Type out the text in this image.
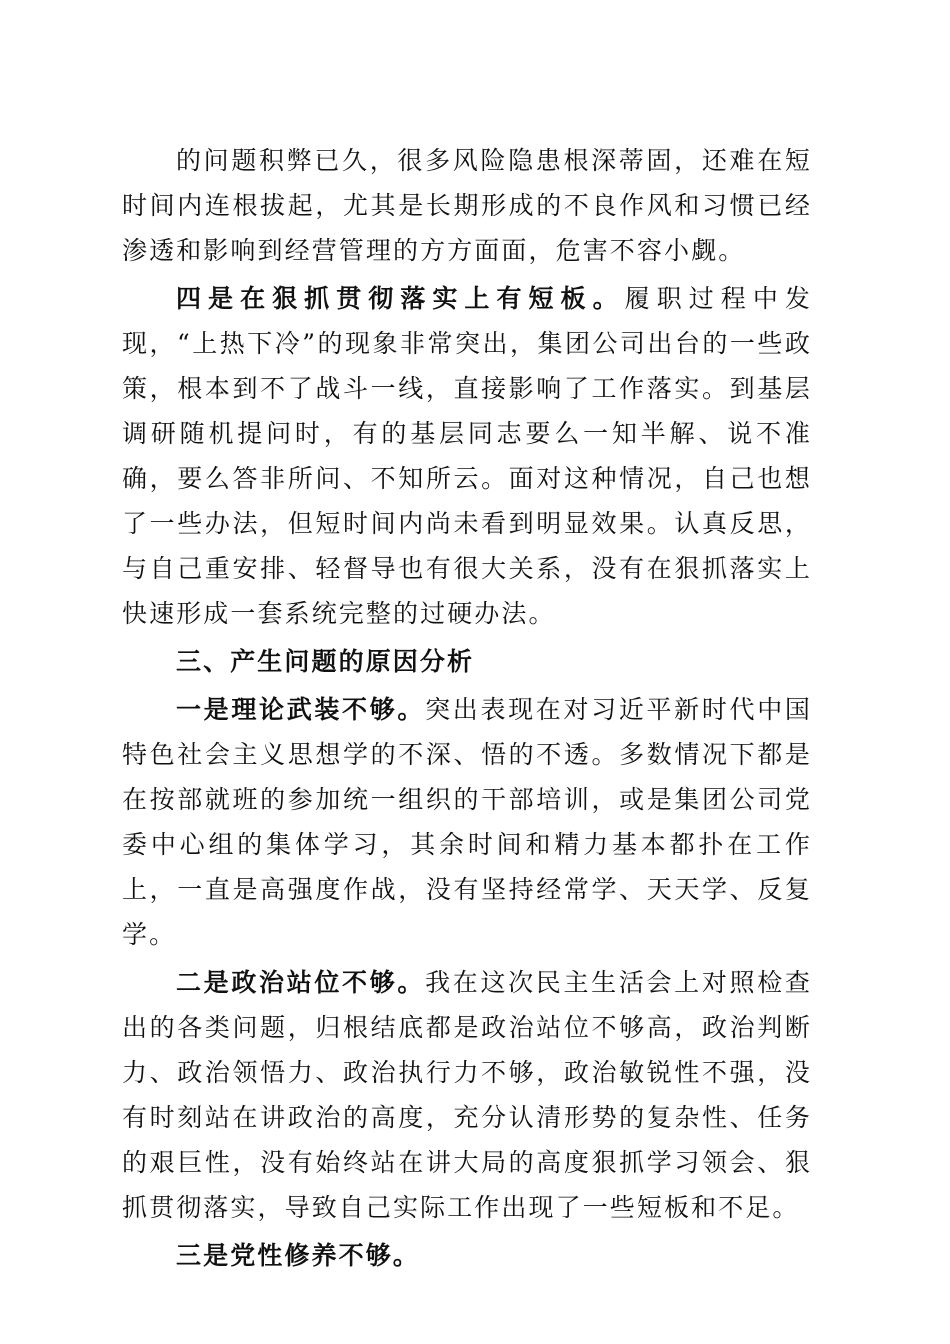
的问题积弊已久，很多风险隐患根深蒂固，还难在短时间内连根拔起，尤其是长期形成的不良作风和习惯已经渗透和影响到经营管理的方方面面，危害不容小觑。

四是在狠抓贯彻落实上有短板。履职过程中发现，“上热下冷”的现象非常突出，集团公司出台的一些政策，根本到不了战斗一线，直接影响了工作落实。到基层调研随机提问时，有的基层同志要么一知半解、说不准确，要么答非所问、不知所云。面对这种情况，自己也想了一些办法，但短时间内尚未看到明显效果。认真反思，与自己重安排、轻督导也有很大关系，没有在狠抓落实上快速形成一套系统完整的过硬办法。

三、产生问题的原因分析

一是理论武装不够。突出表现在对习近平新时代中国特色社会主义思想学的不深、悟的不透。多数情况下都是在按部就班的参加统一组织的干部培训，或是集团公司党委中心组的集体学习，其余时间和精力基本都扑在工作上，一直是高强度作战，没有坚持经常学、天天学、反复学。

二是政治站位不够。我在这次民主生活会上对照检查出的各类问题，归根结底都是政治站位不够高，政治判断力、政治领悟力、政治执行力不够，政治敏锐性不强，没有时刻站在讲政治的高度，充分认清形势的复杂性、任务的艰巨性，没有始终站在讲大局的高度狠抓学习领会、狠抓贯彻落实，导致自己实际工作出现了一些短板和不足。

三是党性修养不够。
